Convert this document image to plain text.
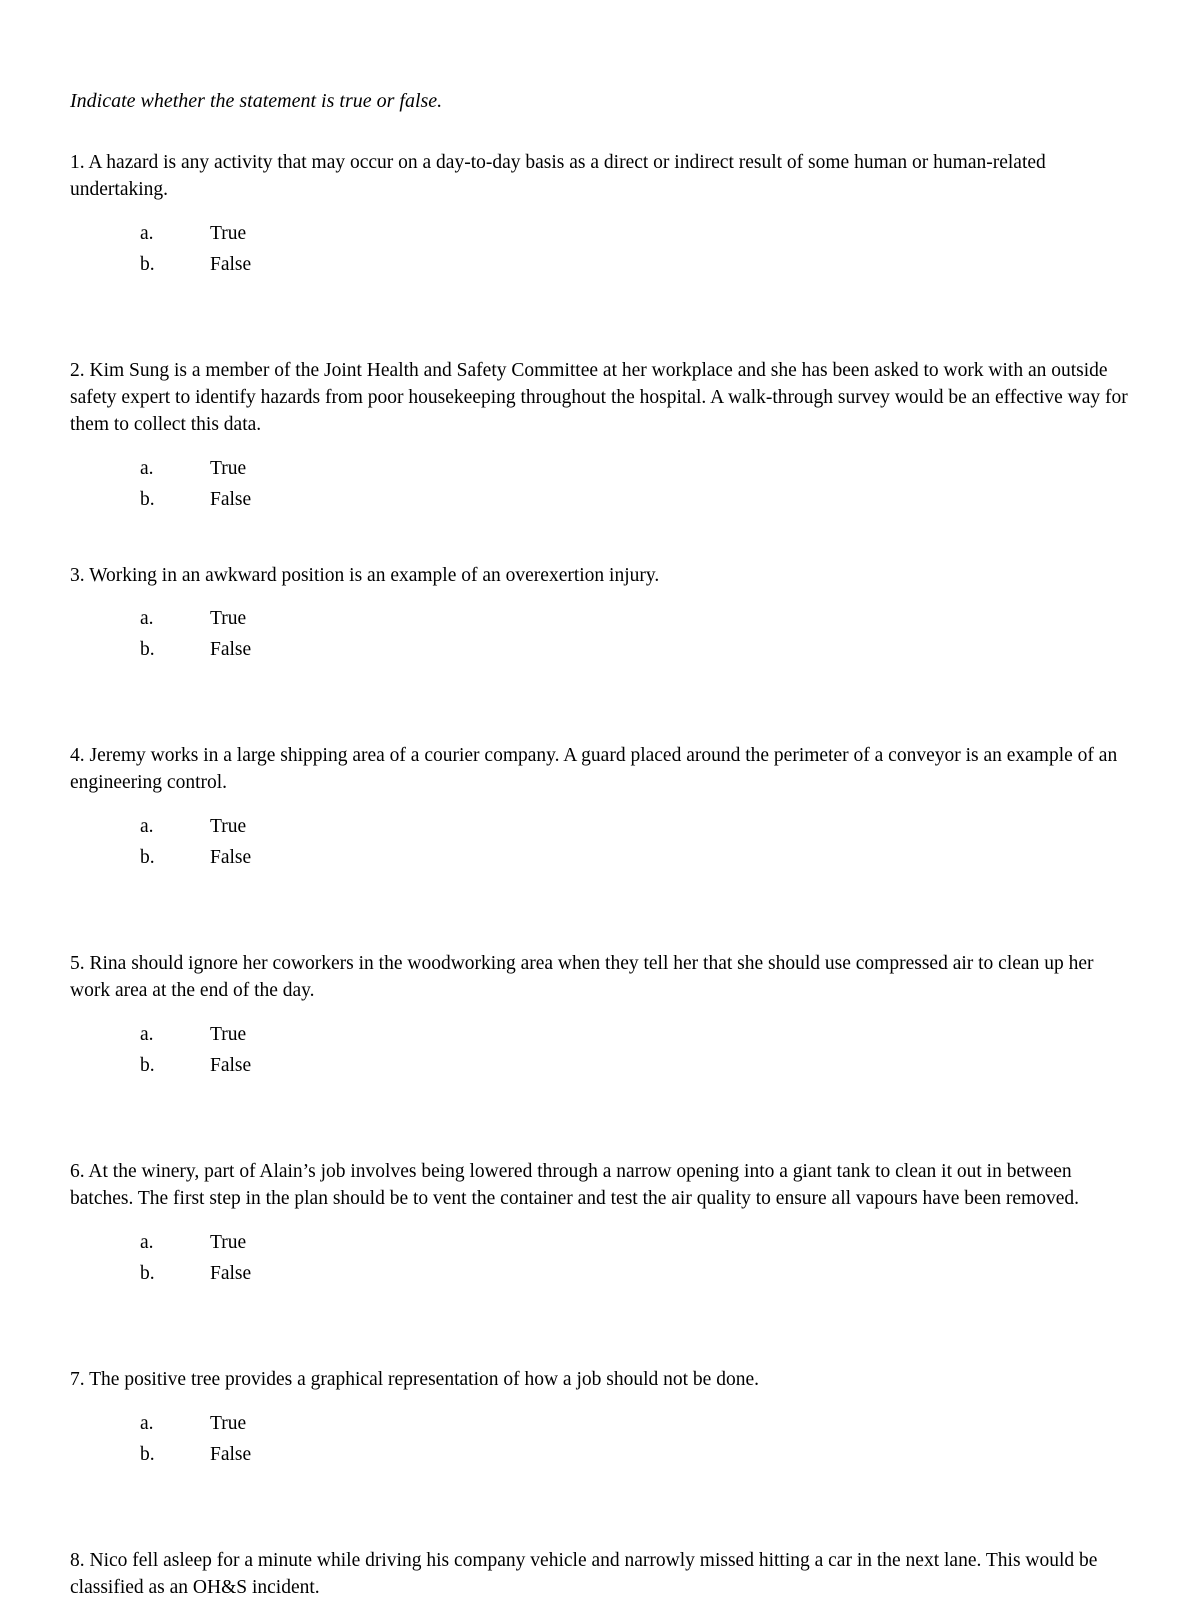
Indicate whether the statement is true or false.

1. A hazard is any activity that may occur on a day-to-day basis as a direct or indirect result of some human or human-related undertaking.

a.	True
b.	False

2. Kim Sung is a member of the Joint Health and Safety Committee at her workplace and she has been asked to work with an outside safety expert to identify hazards from poor housekeeping throughout the hospital. A walk-through survey would be an effective way for them to collect this data.

a.	True
b.	False

3. Working in an awkward position is an example of an overexertion injury.

a.	True
b.	False

4. Jeremy works in a large shipping area of a courier company. A guard placed around the perimeter of a conveyor is an example of an engineering control.

a.	True
b.	False

5. Rina should ignore her coworkers in the woodworking area when they tell her that she should use compressed air to clean up her work area at the end of the day.

a.	True
b.	False

6. At the winery, part of Alain’s job involves being lowered through a narrow opening into a giant tank to clean it out in between batches. The first step in the plan should be to vent the container and test the air quality to ensure all vapours have been removed.

a.	True
b.	False

7. The positive tree provides a graphical representation of how a job should not be done.

a.	True
b.	False

8. Nico fell asleep for a minute while driving his company vehicle and narrowly missed hitting a car in the next lane. This would be classified as an OH&S incident.
